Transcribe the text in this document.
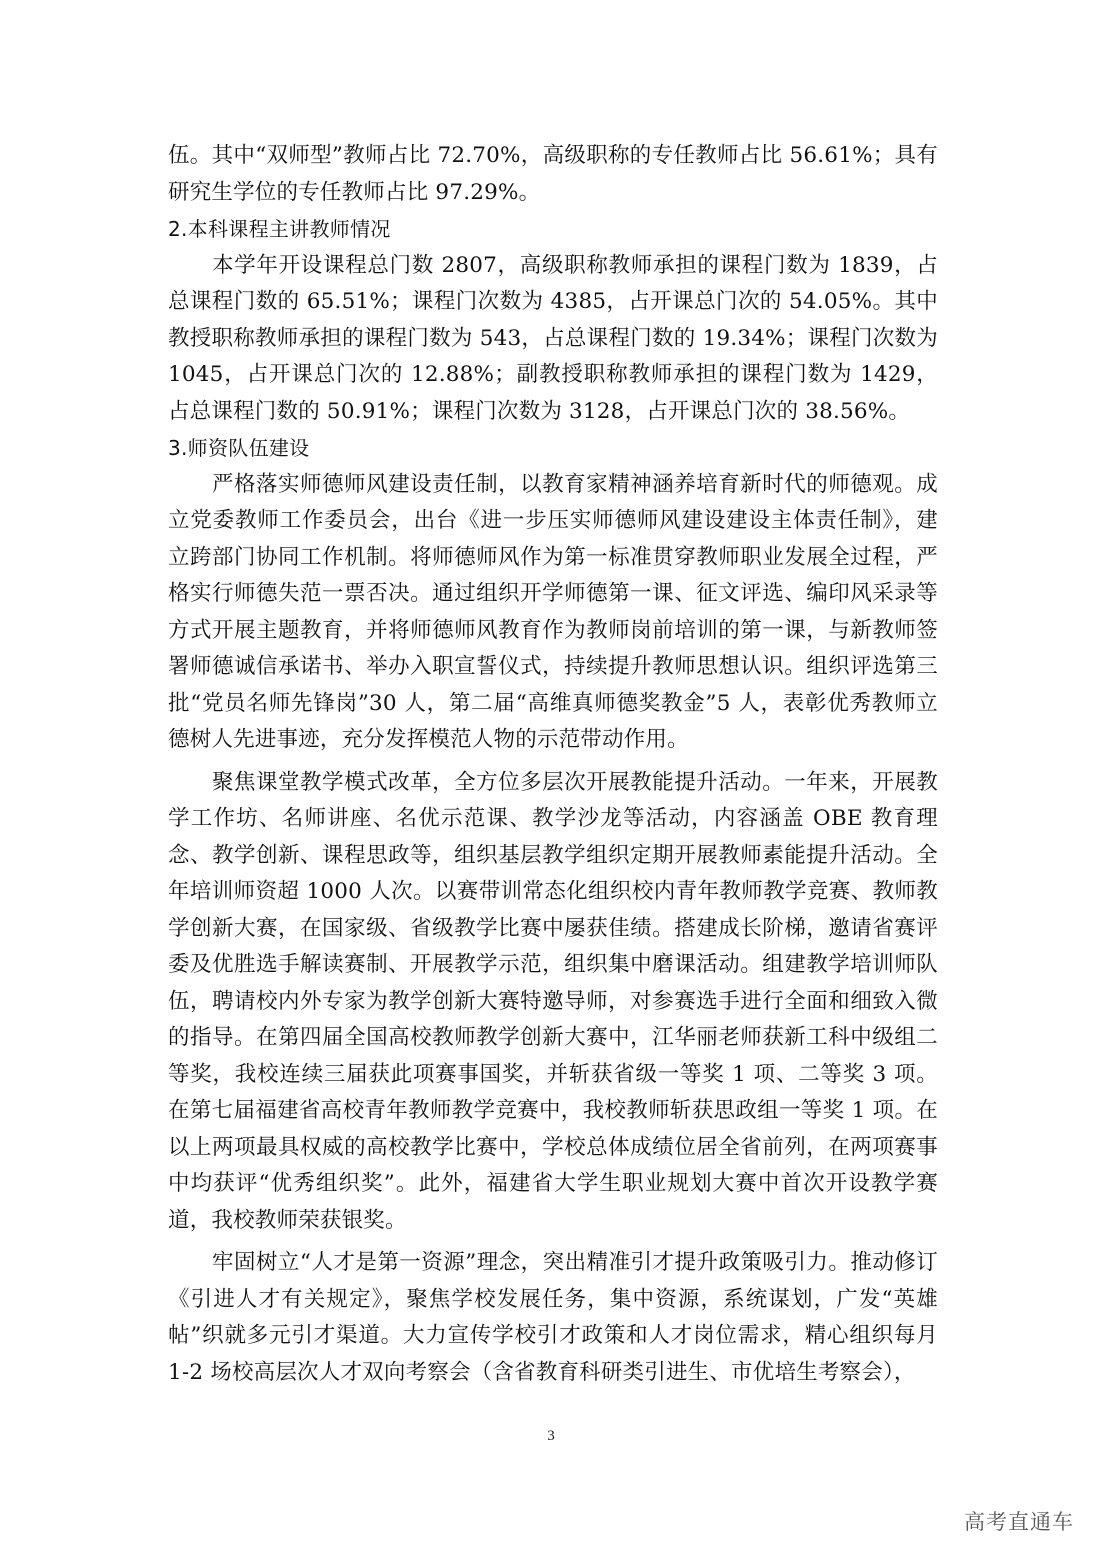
伍。其中“双师型”教师占比 72.70%，高级职称的专任教师占比 56.61%；具有研究生学位的专任教师占比 97.29%。

2.本科课程主讲教师情况

本学年开设课程总门数 2807，高级职称教师承担的课程门数为 1839，占总课程门数的 65.51%；课程门次数为 4385，占开课总门次的 54.05%。其中教授职称教师承担的课程门数为 543，占总课程门数的 19.34%；课程门次数为 1045，占开课总门次的 12.88%；副教授职称教师承担的课程门数为 1429，占总课程门数的 50.91%；课程门次数为 3128，占开课总门次的 38.56%。

3.师资队伍建设

严格落实师德师风建设责任制，以教育家精神涵养培育新时代的师德观。成立党委教师工作委员会，出台《进一步压实师德师风建设建设主体责任制》，建立跨部门协同工作机制。将师德师风作为第一标准贯穿教师职业发展全过程，严格实行师德失范一票否决。通过组织开学师德第一课、征文评选、编印风采录等方式开展主题教育，并将师德师风教育作为教师岗前培训的第一课，与新教师签署师德诚信承诺书、举办入职宣誓仪式，持续提升教师思想认识。组织评选第三批“党员名师先锋岗”30 人，第二届“高维真师德奖教金”5 人，表彰优秀教师立德树人先进事迹，充分发挥模范人物的示范带动作用。

聚焦课堂教学模式改革，全方位多层次开展教能提升活动。一年来，开展教学工作坊、名师讲座、名优示范课、教学沙龙等活动，内容涵盖 OBE 教育理念、教学创新、课程思政等，组织基层教学组织定期开展教师素能提升活动。全年培训师资超 1000 人次。以赛带训常态化组织校内青年教师教学竞赛、教师教学创新大赛，在国家级、省级教学比赛中屡获佳绩。搭建成长阶梯，邀请省赛评委及优胜选手解读赛制、开展教学示范，组织集中磨课活动。组建教学培训师队伍，聘请校内外专家为教学创新大赛特邀导师，对参赛选手进行全面和细致入微的指导。在第四届全国高校教师教学创新大赛中，江华丽老师获新工科中级组二等奖，我校连续三届获此项赛事国奖，并斩获省级一等奖 1 项、二等奖 3 项。在第七届福建省高校青年教师教学竞赛中，我校教师斩获思政组一等奖 1 项。在以上两项最具权威的高校教学比赛中，学校总体成绩位居全省前列，在两项赛事中均获评“优秀组织奖”。此外，福建省大学生职业规划大赛中首次开设教学赛道，我校教师荣获银奖。

牢固树立“人才是第一资源”理念，突出精准引才提升政策吸引力。推动修订《引进人才有关规定》，聚焦学校发展任务，集中资源，系统谋划，广发“英雄帖”织就多元引才渠道。大力宣传学校引才政策和人才岗位需求，精心组织每月 1-2 场校高层次人才双向考察会（含省教育科研类引进生、市优培生考察会），

3
高考直通车
